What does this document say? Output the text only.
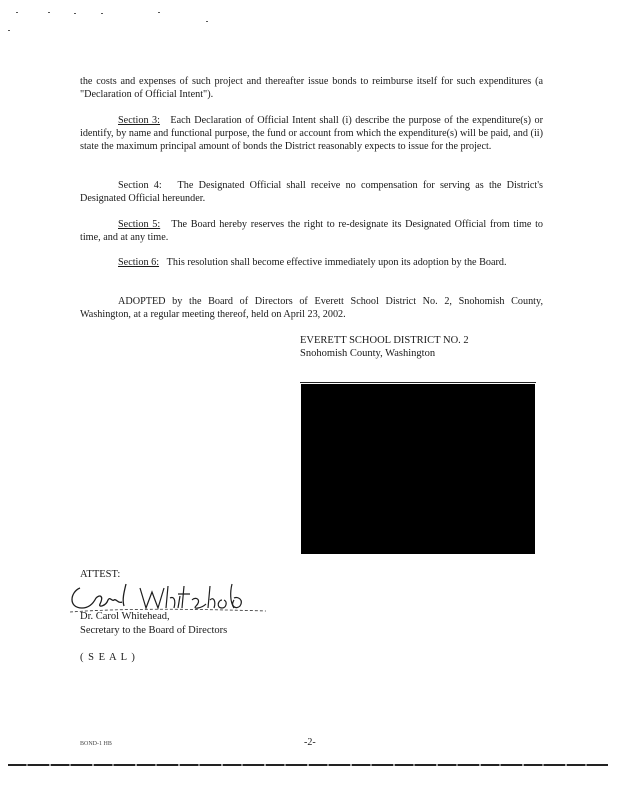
the costs and expenses of such project and thereafter issue bonds to reimburse itself for such expenditures (a "Declaration of Official Intent").

Section 3: Each Declaration of Official Intent shall (i) describe the purpose of the expenditure(s) or identify, by name and functional purpose, the fund or account from which the expenditure(s) will be paid, and (ii) state the maximum principal amount of bonds the District reasonably expects to issue for the project.

Section 4: The Designated Official shall receive no compensation for serving as the District's Designated Official hereunder.

Section 5: The Board hereby reserves the right to re-designate its Designated Official from time to time, and at any time.

Section 6: This resolution shall become effective immediately upon its adoption by the Board.

ADOPTED by the Board of Directors of Everett School District No. 2, Snohomish County, Washington, at a regular meeting thereof, held on April 23, 2002.

EVERETT SCHOOL DISTRICT NO. 2
Snohomish County, Washington
ATTEST:
Carol Whitehead
Dr. Carol Whitehead,
Secretary to the Board of Directors
( S E A L )
BOND-1 HB	-2-
